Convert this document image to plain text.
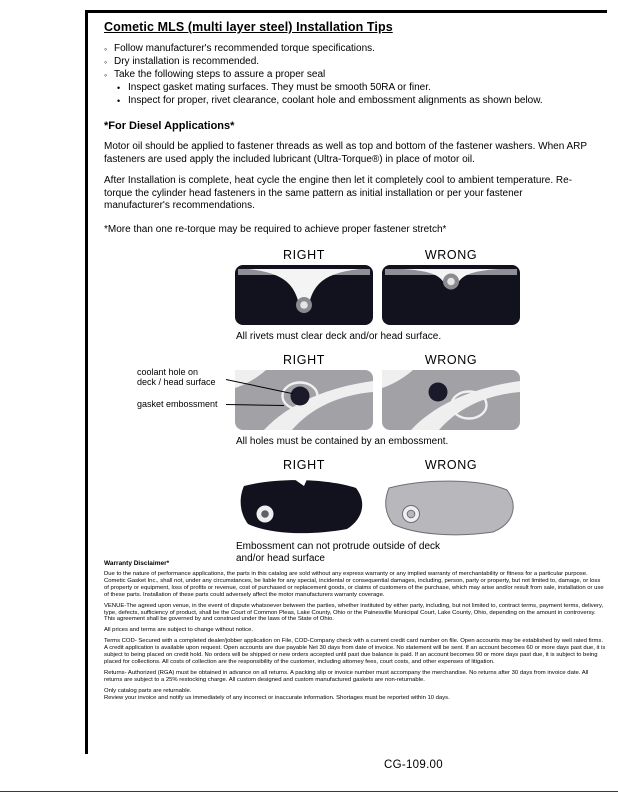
Cometic MLS (multi layer steel) Installation Tips
◦ Follow manufacturer's recommended torque specifications.
◦ Dry installation is recommended.
◦ Take the following steps to assure a proper seal
• Inspect gasket mating surfaces. They must be smooth 50RA or finer.
• Inspect for proper, rivet clearance, coolant hole and embossment alignments as shown below.
*For Diesel Applications*
Motor oil should be applied to fastener threads as well as top and bottom of the fastener washers. When ARP fasteners are used apply the included lubricant (Ultra-Torque®) in place of motor oil.
After Installation is complete, heat cycle the engine then let it completely cool to ambient temperature. Re-torque the cylinder head fasteners in the same pattern as initial installation or per your fastener manufacturer's recommendations.
*More than one re-torque may be required to achieve proper fastener stretch*
RIGHT	WRONG
All rivets must clear deck and/or head surface.
RIGHT	WRONG
coolant hole on
deck / head surface
gasket embossment
All holes must be contained by an embossment.
RIGHT	WRONG
Embossment can not protrude outside of deck
and/or head surface
Warranty Disclaimer*
Due to the nature of performance applications, the parts in this catalog are sold without any express warranty or any implied warranty of merchantability or fitness for a particular purpose. Cometic Gasket Inc., shall not, under any circumstances, be liable for any special, incidental or consequential damages, including, person, party or property, but not limited to, damage, or loss of property or equipment, loss of profits or revenue, cost of purchased or replacement goods, or claims of customers of the purchase, which may arise and/or result from sale, installation or use of these parts. Installation of these parts could adversely affect the motor manufacturers warranty coverage.
VENUE-The agreed upon venue, in the event of dispute whatsoever between the parties, whether instituted by either party, including, but not limited to, contract terms, payment terms, delivery, type, defects, sufficiency of product, shall be the Court of Common Pleas, Lake County, Ohio or the Painesville Municipal Court, Lake County, Ohio, depending on the amount in controversy. This agreement shall be governed by and construed under the laws of the State of Ohio.
All prices and terms are subject to change without notice.
Terms COD- Secured with a completed dealer/jobber application on File, COD-Company check with a current credit card number on file. Open accounts may be established by well rated firms. A credit application is available upon request. Open accounts are due payable Net 30 days from date of invoice. No statement will be sent. If an account becomes 60 or more days past due, it is subject to being placed on credit hold. No orders will be shipped or new orders accepted until past due balance is paid. If an account becomes 90 or more days past due, it is subject to being placed for collections. All costs of collection are the responsibility of the customer, including attorney fees, court costs, and other expenses of litigation.
Returns- Authorized (RGA) must be obtained in advance on all returns. A packing slip or invoice number must accompany the merchandise. No returns after 30 days from invoice date. All returns are subject to a 25% restocking charge. All custom designed and custom manufactured gaskets are non-returnable.
Only catalog parts are returnable.
Review your invoice and notify us immediately of any incorrect or inaccurate information. Shortages must be reported within 10 days.
CG-109.00
